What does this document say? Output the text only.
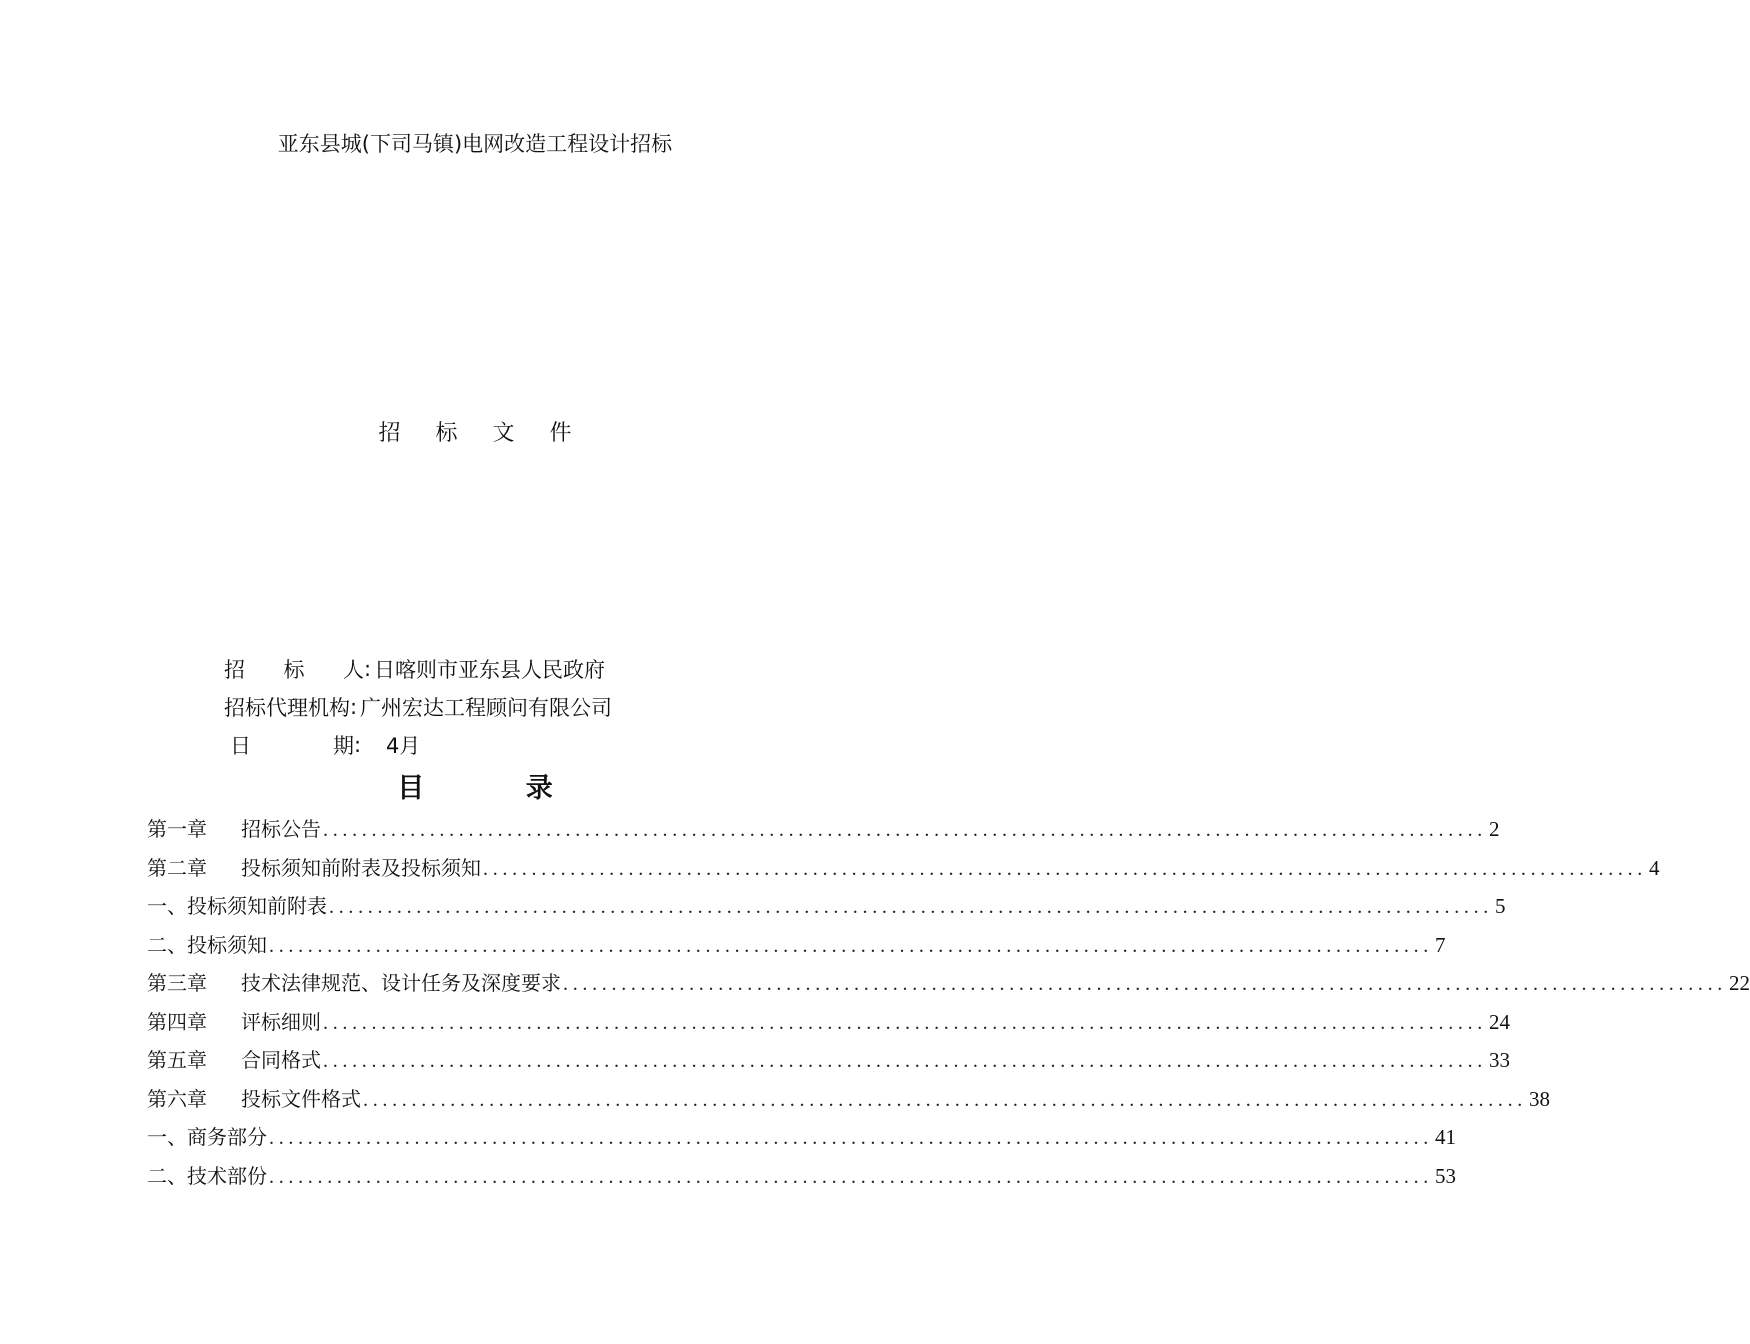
亚东县城(下司马镇)电网改造工程设计招标
招 标 文 件
招 标 人 : 日喀则市亚东县人民政府
招标代理机构 : 广州宏达工程顾问有限公司
日	期 :	4月
目 录
第一章	招标公告 ........................................................................................................................ 2
第二章	投标须知前附表及投标须知 ........................................................................................................................ 4
一、投标须知前附表 ........................................................................................................................ 5
二、投标须知 ........................................................................................................................ 7
第三章	技术法律规范、设计任务及深度要求 ........................................................................................................................ 22
第四章	评标细则 ........................................................................................................................ 24
第五章	合同格式 ........................................................................................................................ 33
第六章	投标文件格式 ........................................................................................................................ 38
一、商务部分 ........................................................................................................................ 41
二、技术部份 ........................................................................................................................ 53
